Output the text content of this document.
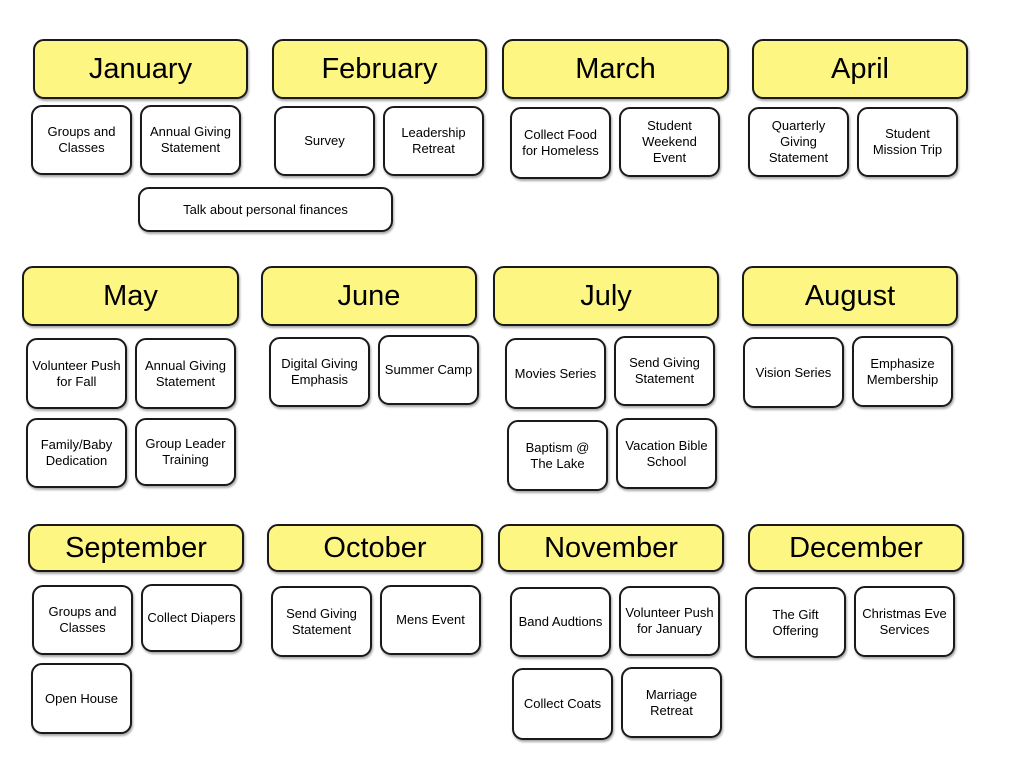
January
Groups and Classes
Annual Giving Statement
Talk about personal finances
February
Survey
Leadership Retreat
March
Collect Food for Homeless
Student Weekend Event
April
Quarterly Giving Statement
Student Mission Trip
May
Volunteer Push for Fall
Annual Giving Statement
Family/Baby Dedication
Group Leader Training
June
Digital Giving Emphasis
Summer Camp
July
Movies Series
Send Giving Statement
Baptism @ The Lake
Vacation Bible School
August
Vision Series
Emphasize Membership
September
Groups and Classes
Collect Diapers
Open House
October
Send Giving Statement
Mens Event
November
Band Audtions
Volunteer Push for January
Collect Coats
Marriage Retreat
December
The Gift Offering
Christmas Eve Services
